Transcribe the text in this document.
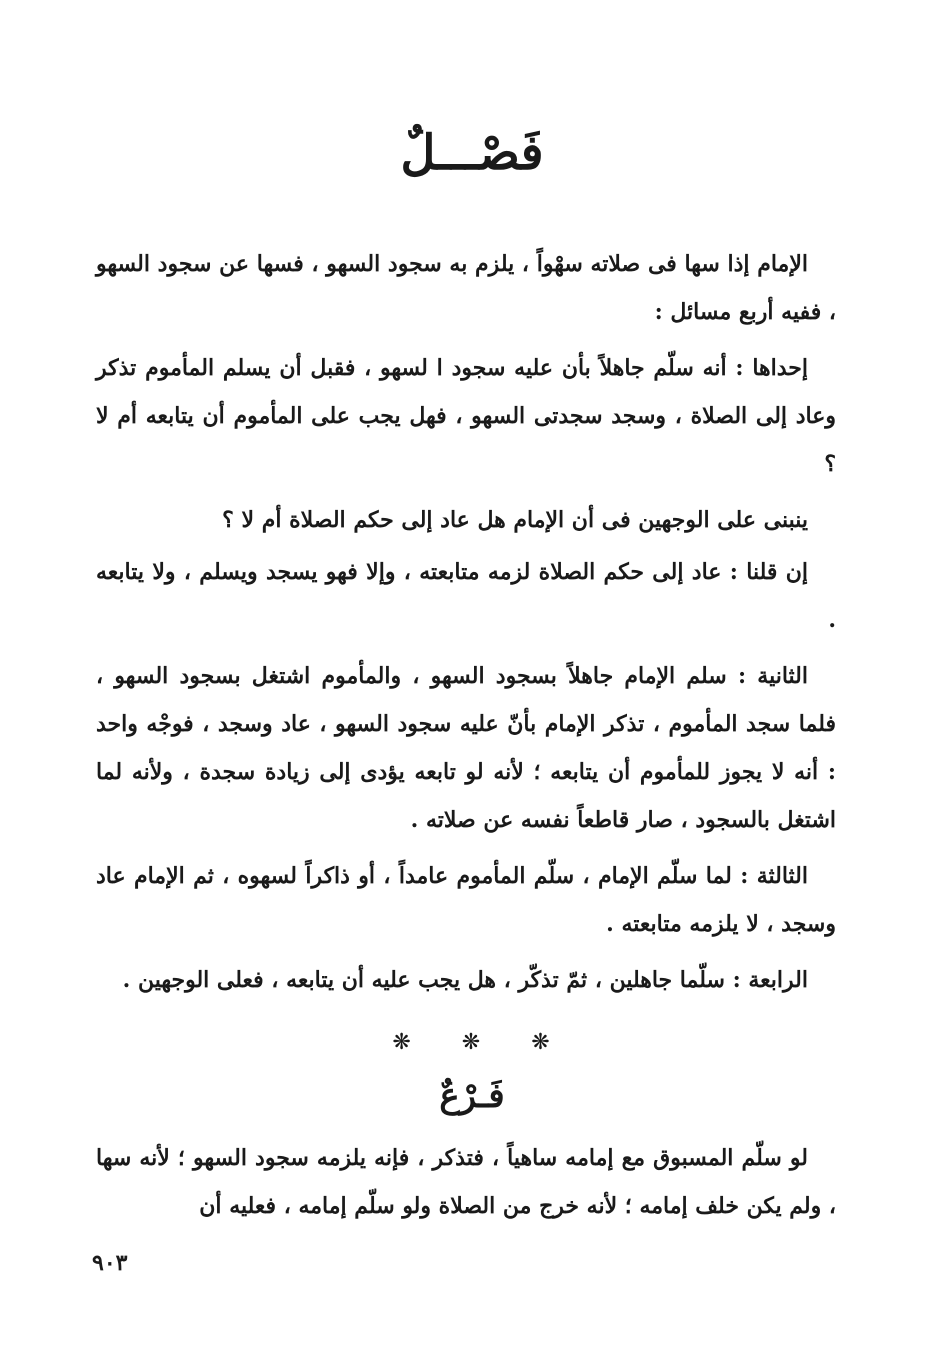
فَصْـــلٌ

الإمام إذا سها فى صلاته سهْواً ، يلزم به سجود السهو ، فسها عن سجود السهو ، ففيه أربع مسائل :

إحداها : أنه سلّم جاهلاً بأن عليه سجود ا لسهو ، فقبل أن يسلم المأموم تذكر وعاد إلى الصلاة ، وسجد سجدتى السهو ، فهل يجب على المأموم أن يتابعه أم لا ؟

ينبنى على الوجهين فى أن الإمام هل عاد إلى حكم الصلاة أم لا ؟

إن قلنا : عاد إلى حكم الصلاة لزمه متابعته ، وإلا فهو يسجد ويسلم ، ولا يتابعه .

الثانية : سلم الإمام جاهلاً بسجود السهو ، والمأموم اشتغل بسجود السهو ، فلما سجد المأموم ، تذكر الإمام بأنّ عليه سجود السهو ، عاد وسجد ، فوجْه واحد : أنه لا يجوز للمأموم أن يتابعه ؛ لأنه لو تابعه يؤدى إلى زيادة سجدة ، ولأنه لما اشتغل بالسجود ، صار قاطعاً نفسه عن صلاته .

الثالثة : لما سلّم الإمام ، سلّم المأموم عامداً ، أو ذاكراً لسهوه ، ثم الإمام عاد وسجد ، لا يلزمه متابعته .

الرابعة : سلّما جاهلين ، ثمّ تذكّر ، هل يجب عليه أن يتابعه ، فعلى الوجهين .

❋ ❋ ❋
فَـرْعٌ

لو سلّم المسبوق مع إمامه ساهياً ، فتذكر ، فإنه يلزمه سجود السهو ؛ لأنه سها ، ولم يكن خلف إمامه ؛ لأنه خرج من الصلاة ولو سلّم إمامه ، فعليه أن

٩٠٣
